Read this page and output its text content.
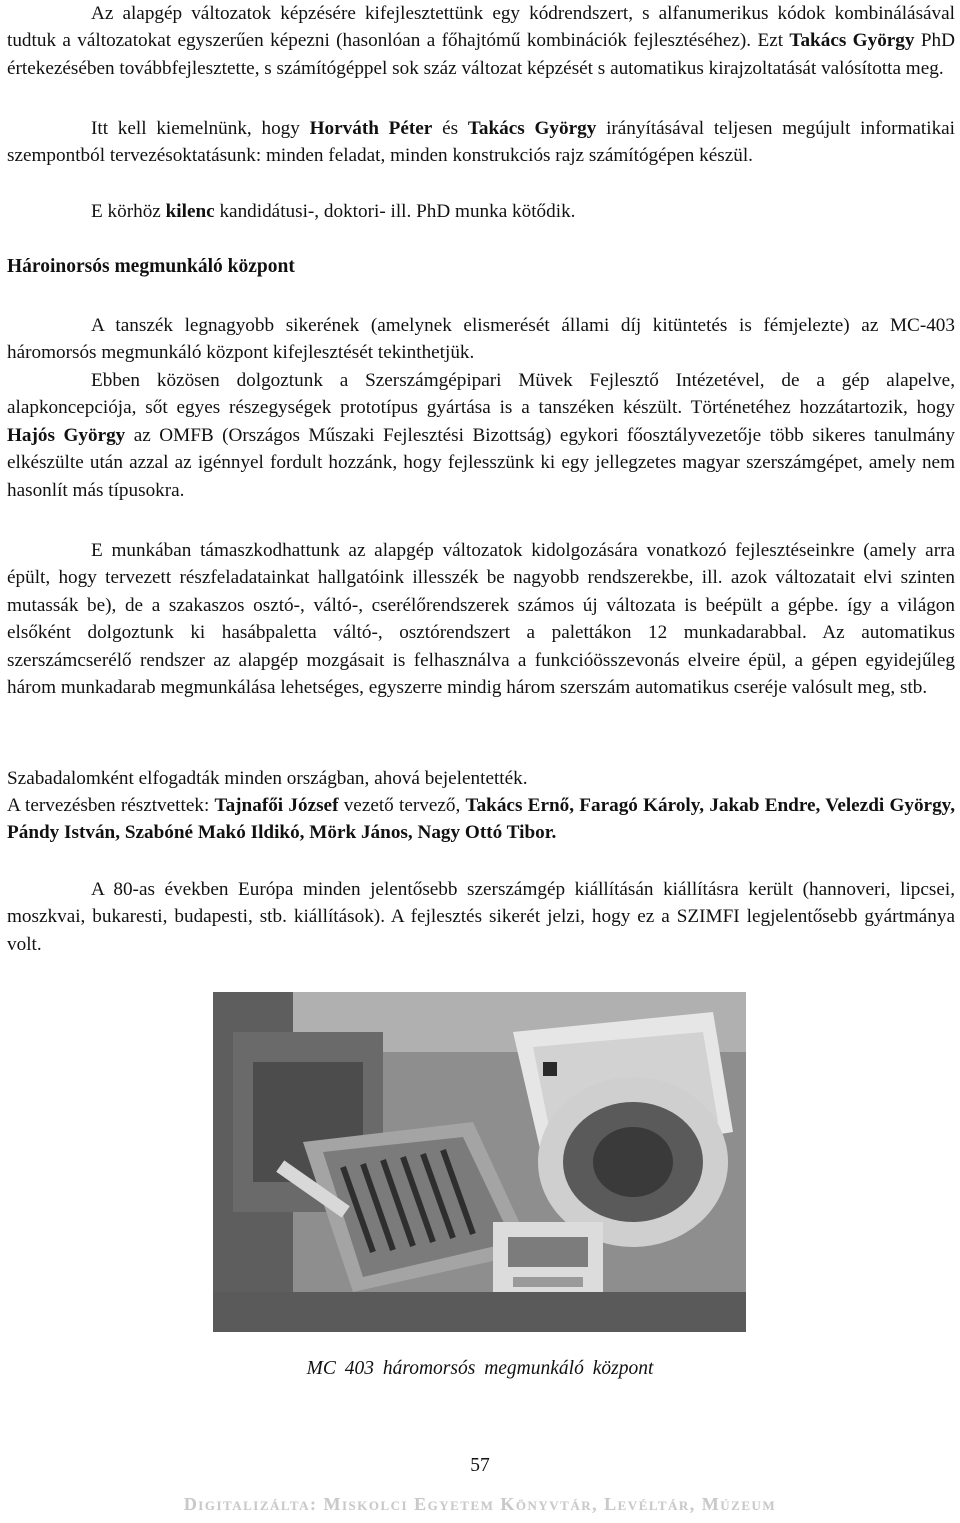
Az alapgép változatok képzésére kifejlesztettünk egy kódrendszert, s alfanumerikus kódok kombinálásával tudtuk a változatokat egyszerűen képezni (hasonlóan a főhajtómű kombinációk fejlesztéséhez). Ezt Takács György PhD értekezésében továbbfejlesztette, s számítógéppel sok száz változat képzését s automatikus kirajzoltatását valósította meg.

Itt kell kiemelnünk, hogy Horváth Péter és Takács György irányításával teljesen megújult informatikai szempontból tervezésoktatásunk: minden feladat, minden konstrukciós rajz számítógépen készül.

E körhöz kilenc kandidátusi-, doktori- ill. PhD munka kötődik.

Hároinorsós megmunkáló központ

A tanszék legnagyobb sikerének (amelynek elismerését állami díj kitüntetés is fémjelezte) az MC-403 háromorsós megmunkáló központ kifejlesztését tekinthetjük.

Ebben közösen dolgoztunk a Szerszámgépipari Müvek Fejlesztő Intézetével, de a gép alapelve, alapkoncepciója, sőt egyes részegységek prototípus gyártása is a tanszéken készült. Történetéhez hozzátartozik, hogy Hajós György az OMFB (Országos Műszaki Fejlesztési Bizottság) egykori főosztályvezetője több sikeres tanulmány elkészülte után azzal az igénnyel fordult hozzánk, hogy fejlesszünk ki egy jellegzetes magyar szerszámgépet, amely nem hasonlít más típusokra.

E munkában támaszkodhattunk az alapgép változatok kidolgozására vonatkozó fejlesztéseinkre (amely arra épült, hogy tervezett részfeladatainkat hallgatóink illesszék be nagyobb rendszerekbe, ill. azok változatait elvi szinten mutassák be), de a szakaszos osztó-, váltó-, cserélőrendszerek számos új változata is beépült a gépbe. így a világon elsőként dolgoztunk ki hasábpaletta váltó-, osztórendszert a palettákon 12 munkadarabbal. Az automatikus szerszámcserélő rendszer az alapgép mozgásait is felhasználva a funkcióösszevonás elveire épül, a gépen egyidejűleg három munkadarab megmunkálása lehetséges, egyszerre mindig három szerszám automatikus cseréje valósult meg, stb.

Szabadalomként elfogadták minden országban, ahová bejelentették.

A tervezésben résztvettek: Tajnafői József vezető tervező, Takács Ernő, Faragó Károly, Jakab Endre, Velezdi György, Pándy István, Szabóné Makó Ildikó, Mörk János, Nagy Ottó Tibor.

A 80-as években Európa minden jelentősebb szerszámgép kiállításán kiállításra került (hannoveri, lipcsei, moszkvai, bukaresti, budapesti, stb. kiállítások). A fejlesztés sikerét jelzi, hogy ez a SZIMFI legjelentősebb gyártmánya volt.

MC 403 háromorsós megmunkáló központ

57

Digitalizálta: Miskolci Egyetem Könyvtár, Levéltár, Múzeum
